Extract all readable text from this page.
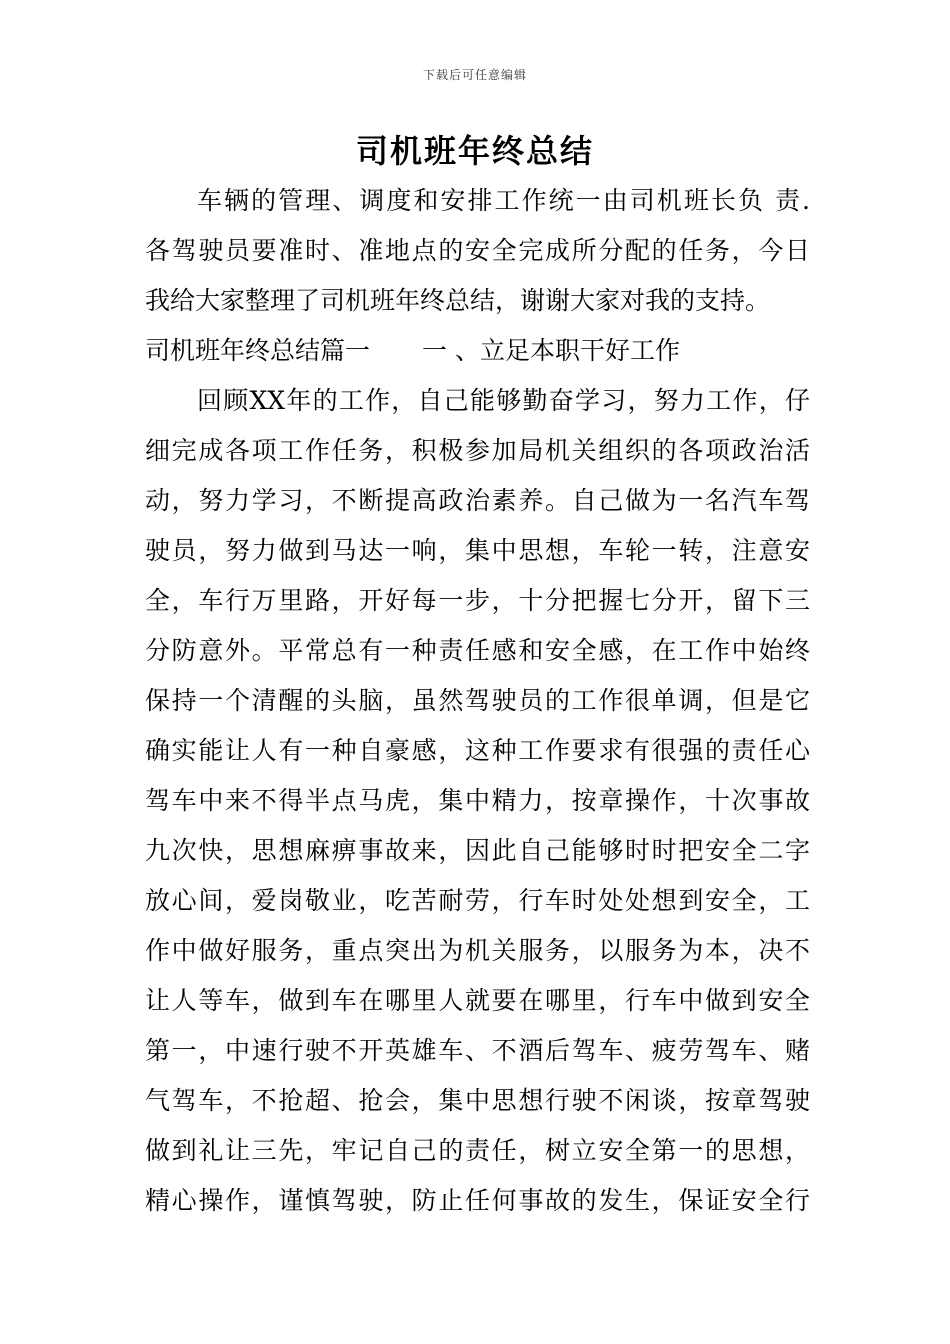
下载后可任意编辑
司机班年终总结
车辆的管理、调度和安排工作统一由司机班长负 责.
各驾驶员要准时、准地点的安全完成所分配的任务，今日
我给大家整理了司机班年终总结，谢谢大家对我的支持。
司机班年终总结篇一 一 、立足本职干好工作
回顾XX年的工作，自己能够勤奋学习，努力工作，仔
细完成各项工作任务，积极参加局机关组织的各项政治活
动，努力学习，不断提高政治素养。自己做为一名汽车驾
驶员，努力做到马达一响，集中思想，车轮一转，注意安
全，车行万里路，开好每一步，十分把握七分开，留下三
分防意外。平常总有一种责任感和安全感，在工作中始终
保持一个清醒的头脑，虽然驾驶员的工作很单调，但是它
确实能让人有一种自豪感，这种工作要求有很强的责任心
驾车中来不得半点马虎，集中精力，按章操作，十次事故
九次快，思想麻痹事故来，因此自己能够时时把安全二字
放心间，爱岗敬业，吃苦耐劳，行车时处处想到安全，工
作中做好服务，重点突出为机关服务，以服务为本，决不
让人等车，做到车在哪里人就要在哪里，行车中做到安全
第一，中速行驶不开英雄车、不酒后驾车、疲劳驾车、赌
气驾车，不抢超、抢会，集中思想行驶不闲谈，按章驾驶
做到礼让三先，牢记自己的责任，树立安全第一的思想，
精心操作，谨慎驾驶，防止任何事故的发生，保证安全行
